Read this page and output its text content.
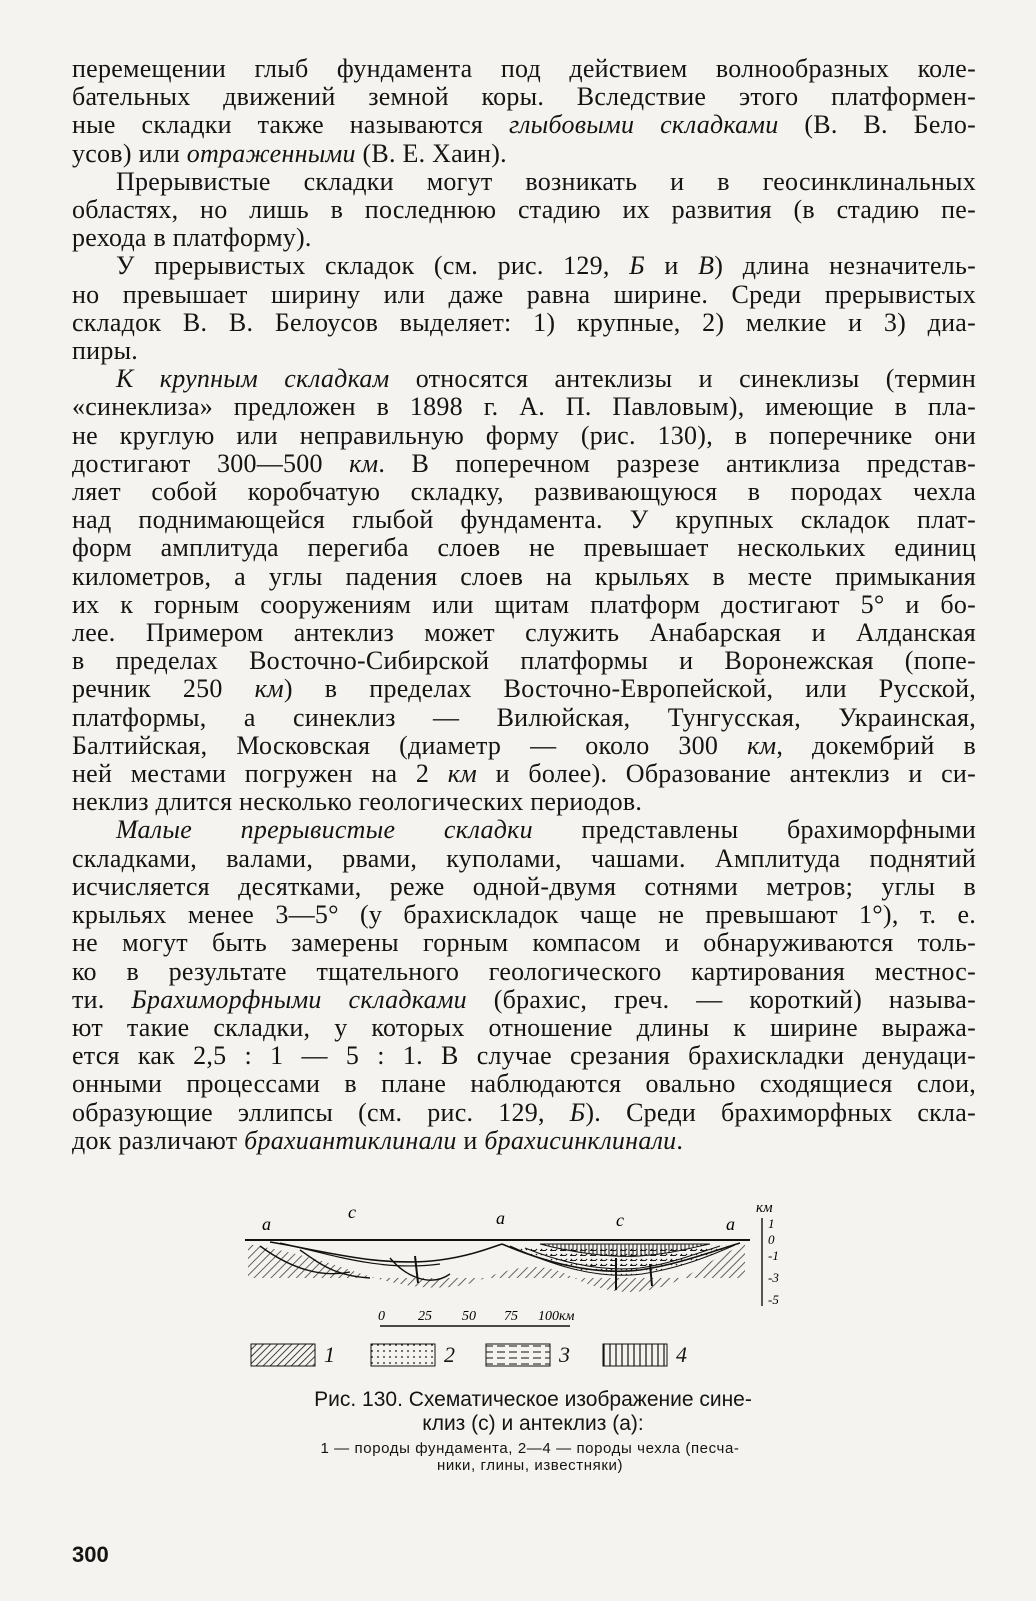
перемещении глыб фундамента под действием волнообразных коле-
бательных движений земной коры. Вследствие этого платформен-
ные складки также называются глыбовыми складками (В. В. Бело-
усов) или отраженными (В. Е. Хаин).
Прерывистые складки могут возникать и в геосинклинальных
областях, но лишь в последнюю стадию их развития (в стадию пе-
рехода в платформу).
У прерывистых складок (см. рис. 129, Б и В) длина незначитель-
но превышает ширину или даже равна ширине. Среди прерывистых
складок В. В. Белоусов выделяет: 1) крупные, 2) мелкие и 3) диа-
пиры.
К крупным складкам относятся антеклизы и синеклизы (термин
«синеклиза» предложен в 1898 г. А. П. Павловым), имеющие в пла-
не круглую или неправильную форму (рис. 130), в поперечнике они
достигают 300—500 км. В поперечном разрезе антиклиза представ-
ляет собой коробчатую складку, развивающуюся в породах чехла
над поднимающейся глыбой фундамента. У крупных складок плат-
форм амплитуда перегиба слоев не превышает нескольких единиц
километров, а углы падения слоев на крыльях в месте примыкания
их к горным сооружениям или щитам платформ достигают 5° и бо-
лее. Примером антеклиз может служить Анабарская и Алданская
в пределах Восточно-Сибирской платформы и Воронежская (попе-
речник 250 км) в пределах Восточно-Европейской, или Русской,
платформы, а синеклиз — Вилюйская, Тунгусская, Украинская,
Балтийская, Московская (диаметр — около 300 км, докембрий в
ней местами погружен на 2 км и более). Образование антеклиз и си-
неклиз длится несколько геологических периодов.
Малые прерывистые складки представлены брахиморфными
складками, валами, рвами, куполами, чашами. Амплитуда поднятий
исчисляется десятками, реже одной-двумя сотнями метров; углы в
крыльях менее 3—5° (у брахискладок чаще не превышают 1°), т. е.
не могут быть замерены горным компасом и обнаруживаются толь-
ко в результате тщательного геологического картирования местнос-
ти. Брахиморфными складками (брахис, греч. — короткий) называ-
ют такие складки, у которых отношение длины к ширине выража-
ется как 2,5 : 1 — 5 : 1. В случае срезания брахискладки денудаци-
онными процессами в плане наблюдаются овально сходящиеся слои,
образующие эллипсы (см. рис. 129, Б). Среди брахиморфных скла-
док различают брахиантиклинали и брахисинклинали.
а
с	а	с	а
км
1
0
-1
-3
-5
0 25 50 75 100км
1	2	3	4
Рис. 130. Схематическое изображение сине-
клиз (с) и антеклиз (а):
1 — породы фундамента, 2—4 — породы чехла (песча-
ники, глины, известняки)
300
